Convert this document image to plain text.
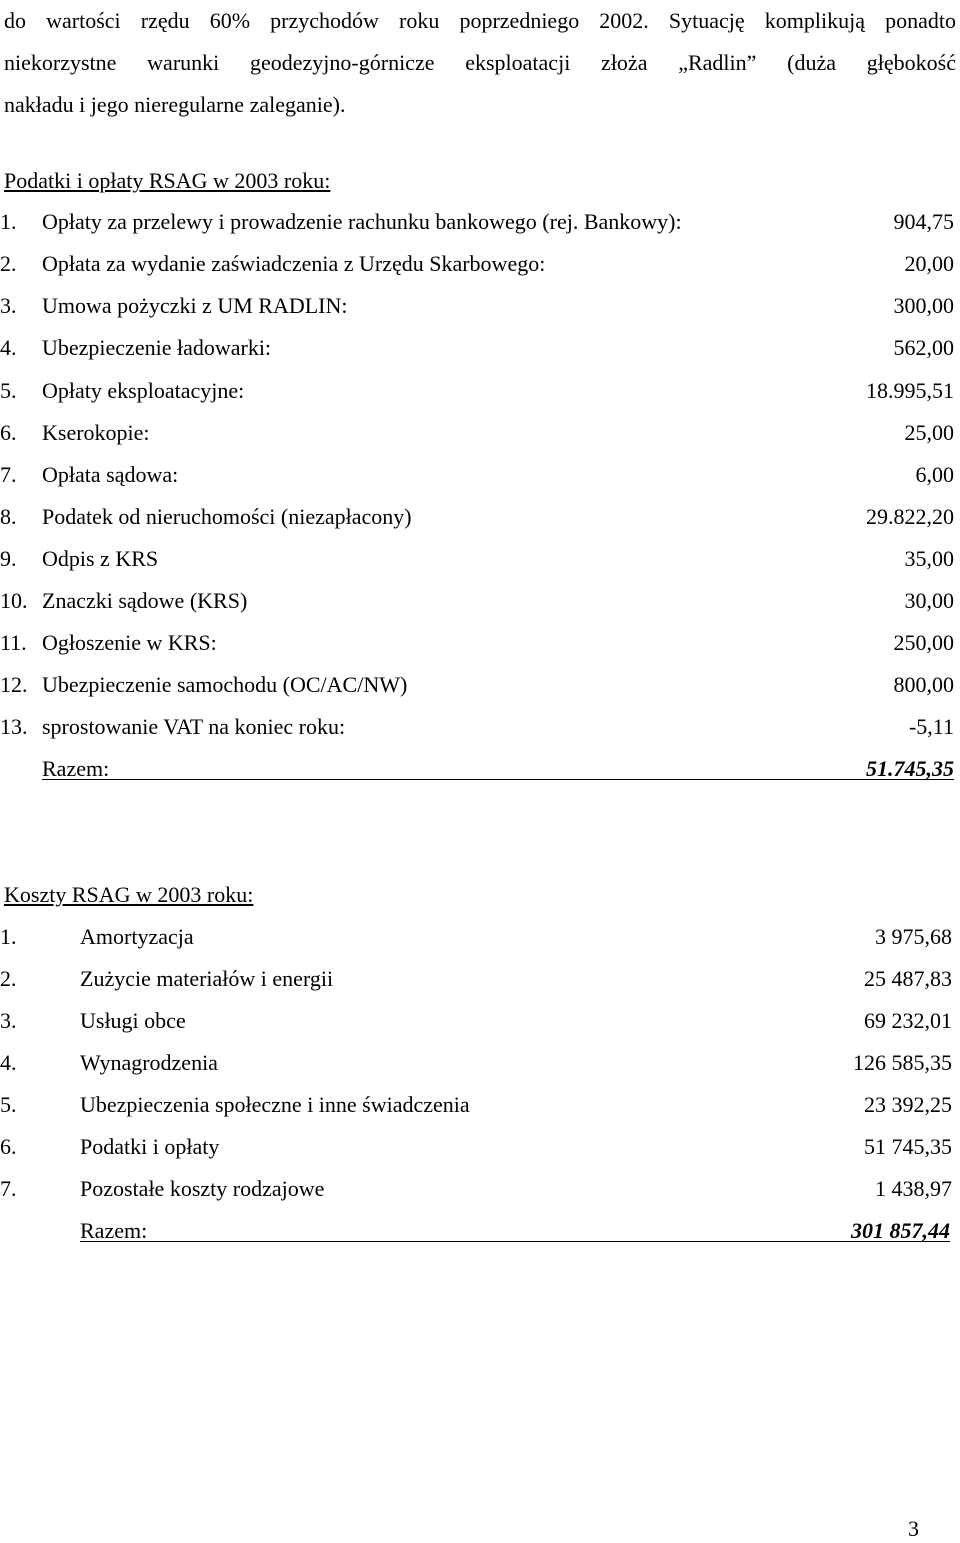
do wartości rzędu 60% przychodów roku poprzedniego 2002. Sytuację komplikują ponadto
niekorzystne warunki geodezyjno-górnicze eksploatacji złoża „Radlin” (duża głębokość
nakładu i jego nieregularne zaleganie).
Podatki i opłaty RSAG w 2003 roku:
1. Opłaty za przelewy i prowadzenie rachunku bankowego (rej. Bankowy):	904,75
2. Opłata za wydanie zaświadczenia z Urzędu Skarbowego:	20,00
3. Umowa pożyczki z UM RADLIN:	300,00
4. Ubezpieczenie ładowarki:	562,00
5. Opłaty eksploatacyjne:	18.995,51
6. Kserokopie:	25,00
7. Opłata sądowa:	6,00
8. Podatek od nieruchomości (niezapłacony)	29.822,20
9. Odpis z KRS	35,00
10. Znaczki sądowe (KRS)	30,00
11. Ogłoszenie w KRS:	250,00
12. Ubezpieczenie samochodu (OC/AC/NW)	800,00
13. sprostowanie VAT na koniec roku:	-5,11
Razem:	51.745,35
Koszty RSAG w 2003 roku:
1.	Amortyzacja	3 975,68
2.	Zużycie materiałów i energii	25 487,83
3.	Usługi obce	69 232,01
4.	Wynagrodzenia	126 585,35
5.	Ubezpieczenia społeczne i inne świadczenia	23 392,25
6.	Podatki i opłaty	51 745,35
7.	Pozostałe koszty rodzajowe	1 438,97
Razem:	301 857,44
3
